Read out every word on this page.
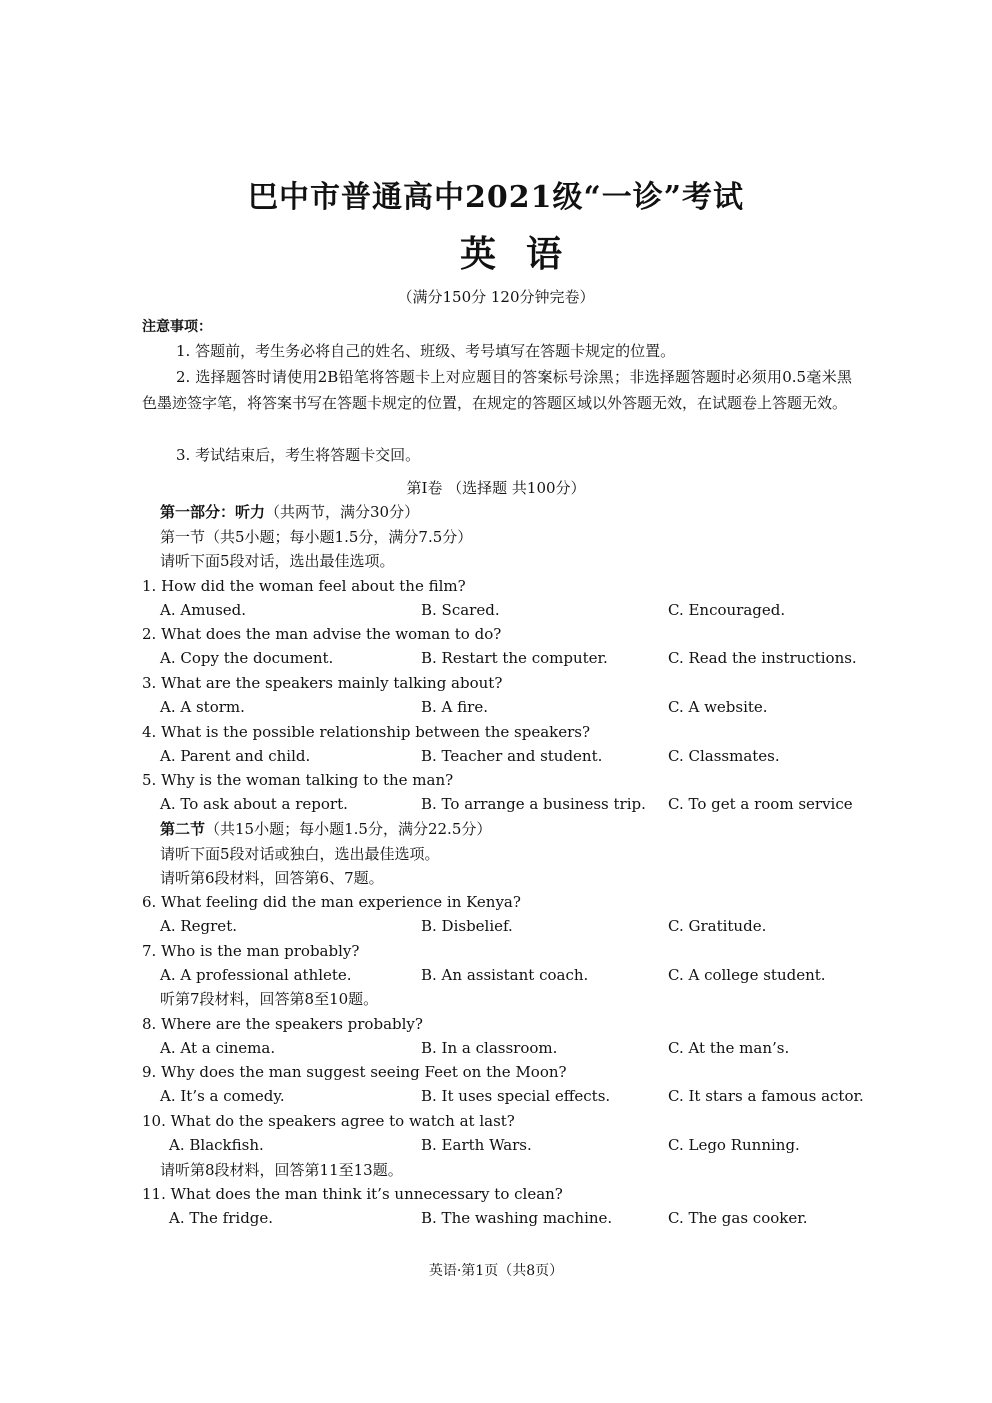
巴中市普通高中2021级“一诊”考试
英语
（满分150分 120分钟完卷）
注意事项：
1. 答题前，考生务必将自己的姓名、班级、考号填写在答题卡规定的位置。
2. 选择题答时请使用2B铅笔将答题卡上对应题目的答案标号涂黑；非选择题答题时必须用0.5毫米黑色墨迹签字笔，将答案书写在答题卡规定的位置，在规定的答题区域以外答题无效，在试题卷上答题无效。
3. 考试结束后，考生将答题卡交回。
第Ⅰ卷 （选择题 共100分）
第一部分：听力（共两节，满分30分）
第一节（共5小题；每小题1.5分，满分7.5分）
请听下面5段对话，选出最佳选项。
1. How did the woman feel about the film?
A. Amused.	B. Scared.	C. Encouraged.
2. What does the man advise the woman to do?
A. Copy the document.	B. Restart the computer.	C. Read the instructions.
3. What are the speakers mainly talking about?
A. A storm.	B. A fire.	C. A website.
4. What is the possible relationship between the speakers?
A. Parent and child.	B. Teacher and student.	C. Classmates.
5. Why is the woman talking to the man?
A. To ask about a report.	B. To arrange a business trip. C. To get a room service
第二节（共15小题；每小题1.5分，满分22.5分）
请听下面5段对话或独白，选出最佳选项。
请听第6段材料，回答第6、7题。
6. What feeling did the man experience in Kenya?
A. Regret.	B. Disbelief.	C. Gratitude.
7. Who is the man probably?
A. A professional athlete.	B. An assistant coach.	C. A college student.
听第7段材料，回答第8至10题。
8. Where are the speakers probably?
A. At a cinema.	B. In a classroom.	C. At the man’s.
9. Why does the man suggest seeing Feet on the Moon?
A. It’s a comedy.	B. It uses special effects.	C. It stars a famous actor.
10. What do the speakers agree to watch at last?
A. Blackfish.	B. Earth Wars.	C. Lego Running.
请听第8段材料，回答第11至13题。
11. What does the man think it’s unnecessary to clean?
A. The fridge.	B. The washing machine.	C. The gas cooker.
英语·第1页（共8页）
